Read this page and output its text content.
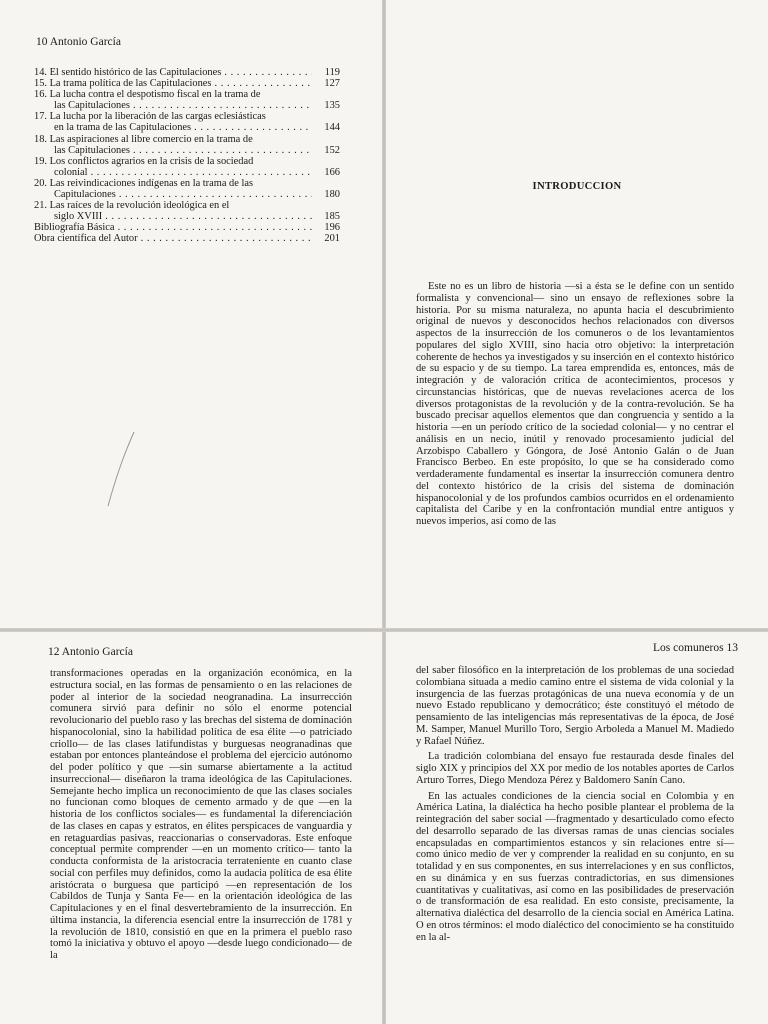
10 Antonio García
14. El sentido histórico de las Capitulaciones . . .	119
15. La trama política de las Capitulaciones . . .	127
16. La lucha contra el despotismo fiscal en la trama de
las Capitulaciones . . .	135
17. La lucha por la liberación de las cargas eclesiásticas
en la trama de las Capitulaciones . . .	144
18. Las aspiraciones al libre comercio en la trama de
las Capitulaciones . . .	152
19. Los conflictos agrarios en la crisis de la sociedad
colonial . . .	166
20. Las reivindicaciones indígenas en la trama de las
Capitulaciones . . .	180
21. Las raíces de la revolución ideológica en el
siglo XVIII . . .	185
Bibliografía Básica . . .	196
Obra científica del Autor . . .	201
INTRODUCCION

Este no es un libro de historia —si a ésta se le define con un sentido formalista y convencional— sino un ensayo de reflexiones sobre la historia. Por su misma naturaleza, no apunta hacia el descubrimiento original de nuevos y desconocidos hechos relacionados con diversos aspectos de la insurrección de los comuneros o de los levantamientos populares del siglo XVIII, sino hacia otro objetivo: la interpretación coherente de hechos ya investigados y su inserción en el contexto histórico de su espacio y de su tiempo. La tarea emprendida es, entonces, más de integración y de valoración crítica de acontecimientos, procesos y circunstancias históricas, que de nuevas revelaciones acerca de los diversos protagonistas de la revolución y de la contra-revolución. Se ha buscado precisar aquellos elementos que dan congruencia y sentido a la historia —en un período crítico de la sociedad colonial— y no centrar el análisis en un necio, inútil y renovado procesamiento judicial del Arzobispo Caballero y Góngora, de José Antonio Galán o de Juan Francisco Berbeo. En este propósito, lo que se ha considerado como verdaderamente fundamental es insertar la insurrección comunera dentro del contexto histórico de la crisis del sistema de dominación hispanocolonial y de los profundos cambios ocurridos en el ordenamiento capitalista del Caribe y en la confrontación mundial entre antiguos y nuevos imperios, así como de las

12 Antonio García

transformaciones operadas en la organización económica, en la estructura social, en las formas de pensamiento o en las relaciones de poder al interior de la sociedad neogranadina. La insurrección comunera sirvió para definir no sólo el enorme potencial revolucionario del pueblo raso y las brechas del sistema de dominación hispanocolonial, sino la habilidad política de esa élite —o patriciado criollo— de las clases latifundistas y burguesas neogranadinas que estaban por entonces planteándose el problema del ejercicio autónomo del poder político y que —sin sumarse abiertamente a la actitud insurreccional— diseñaron la trama ideológica de las Capitulaciones. Semejante hecho implica un reconocimiento de que las clases sociales no funcionan como bloques de cemento armado y de que —en la historia de los conflictos sociales— es fundamental la diferenciación de las clases en capas y estratos, en élites perspicaces de vanguardia y en retaguardias pasivas, reaccionarias o conservadoras. Este enfoque conceptual permite comprender —en un momento crítico— tanto la conducta conformista de la aristocracia terrateniente en cuanto clase social con perfiles muy definidos, como la audacia política de esa élite aristócrata o burguesa que participó —en representación de los Cabildos de Tunja y Santa Fe— en la orientación ideológica de las Capitulaciones y en el final desvertebramiento de la insurrección. En última instancia, la diferencia esencial entre la insurrección de 1781 y la revolución de 1810, consistió en que en la primera el pueblo raso tomó la iniciativa y obtuvo el apoyo —desde luego condicionado— de la

Los comuneros 13

del saber filosófico en la interpretación de los problemas de una sociedad colombiana situada a medio camino entre el sistema de vida colonial y la insurgencia de las fuerzas protagónicas de una nueva economía y de un nuevo Estado republicano y democrático; éste constituyó el método de pensamiento de las inteligencias más representativas de la época, de José M. Samper, Manuel Murillo Toro, Sergio Arboleda a Manuel M. Madiedo y Rafael Núñez.

La tradición colombiana del ensayo fue restaurada desde finales del siglo XIX y principios del XX por medio de los notables aportes de Carlos Arturo Torres, Diego Mendoza Pérez y Baldomero Sanín Cano.

En las actuales condiciones de la ciencia social en Colombia y en América Latina, la dialéctica ha hecho posible plantear el problema de la reintegración del saber social —fragmentado y desarticulado como efecto del desarrollo separado de las diversas ramas de unas ciencias sociales encapsuladas en compartimientos estancos y sin relaciones entre sí— como único medio de ver y comprender la realidad en su conjunto, en su totalidad y en sus componentes, en sus interrelaciones y en sus conflictos, en su dinámica y en sus fuerzas contradictorias, en sus dimensiones cuantitativas y cualitativas, así como en las posibilidades de preservación o de transformación de esa realidad. En esto consiste, precisamente, la alternativa dialéctica del desarrollo de la ciencia social en América Latina. O en otros términos: el modo dialéctico del conocimiento se ha constituido en la al-
